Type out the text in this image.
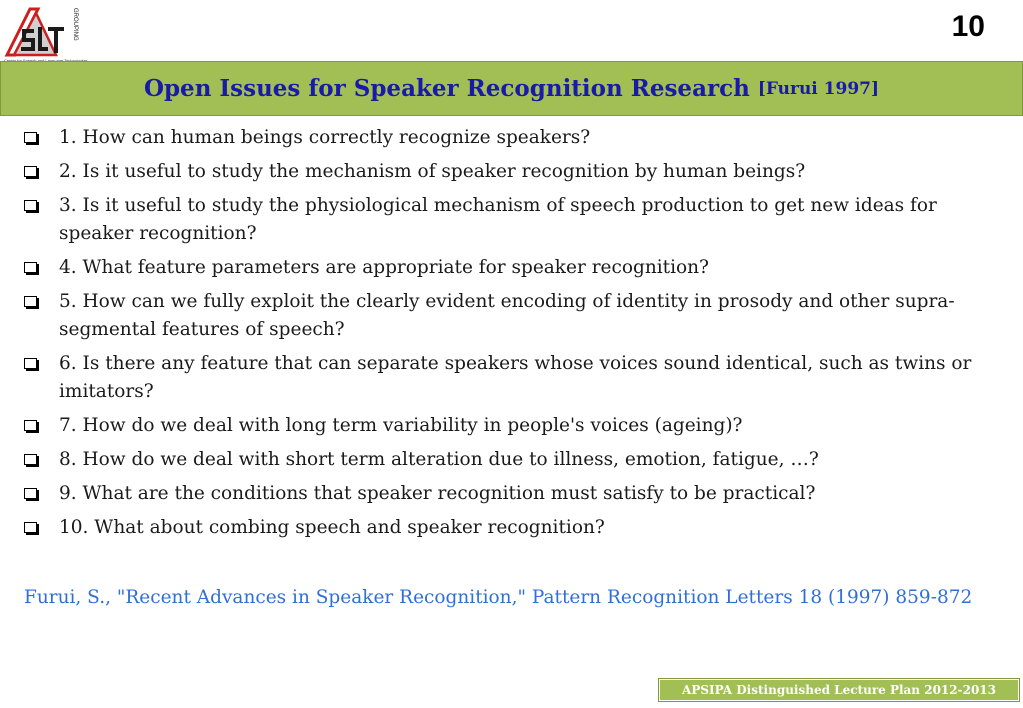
GROUPING	10
Open Issues for Speaker Recognition Research [Furui 1997]
1. How can human beings correctly recognize speakers?
2. Is it useful to study the mechanism of speaker recognition by human beings?
3. Is it useful to study the physiological mechanism of speech production to get new ideas for speaker recognition?
4. What feature parameters are appropriate for speaker recognition?
5. How can we fully exploit the clearly evident encoding of identity in prosody and other supra-segmental features of speech?
6. Is there any feature that can separate speakers whose voices sound identical, such as twins or imitators?
7. How do we deal with long term variability in people's voices (ageing)?
8. How do we deal with short term alteration due to illness, emotion, fatigue, …?
9. What are the conditions that speaker recognition must satisfy to be practical?
10. What about combing speech and speaker recognition?
Furui, S., "Recent Advances in Speaker Recognition," Pattern Recognition Letters 18 (1997) 859-872
APSIPA Distinguished Lecture Plan 2012-2013
